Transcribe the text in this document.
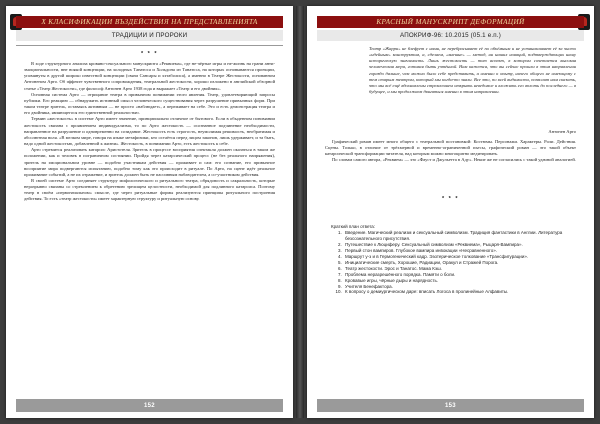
Х КЛАСИФИКАЦИИ ВЪЗДЕЙСТВИЯ НА ПРЕДСТАВЛЕНИЯТА
ТРАДИЦИИ И ПРОРОКИ
* * *

В ходе структурного анализа кровяно-сексуального манускрипта «Реквиема», где не-чёртые игры и не-жизнь на грани анти-эмоциональности, вне всякой концепции, на холодных Танатоса и Хольдона из Танатоса, на которых основываются проекции, упомянуты в другой широко известной концепции (связи Сансары и хэтаболиса), а именно в Театре Жестокости, основанном Антоненом Арто. Об эффекте чувственного сопровождения, театральной жестокости, хорошо изложено в английской обзорной статье «Театр Жестокости», где философ Антонен Арто 1938 года и выражает «Театр и его двойник».

Основная система Арто — отрицание театра в привычном понимании этого явления. Театр, удовлетворяющий запросы публики. Его реакцию — обнаружить истинный смысл человеческого существования через разрушение привычных форм. При таком театре зритель, оставаясь активным — не просто «наблюдает», а переживает на себе. Это и есть демонстрация театра и его двойника, являющегося его единственной реальностью.

Термин «жестокость» в системе Арто имеет значение, принципиально отличное от бытового. Если в обыденном понимании жестокость связана с проявлением индивидуализма, то по Арто жестокость — осознанное подчинение необходимости, направленное на разрушение и одновременно на созидание. Жестокость есть строгость, неумолимая решимость, необратимая и абсолютная воля. «В мелком мире, говоря на языке метафизики, кто остаётся перед лицом законов, лишь удерживает, и та быть, надо одной жестокостью, добавленной к жизни». Жестокость, в понимании Арто, есть жестокость к себе.

Арто стремится реализовать катарсис Аристотеля. Зритель в процессе восприятия спектакля должен оказаться в таком же положении, как и человек в пограничном состоянии. Пройдя через катарсический процесс (не без реального напряжения), зритель на эмоциональном уровне — подобно участникам действия — проживает и сам: его сознание, его привычное восприятие мира подвергаются испытанию, подобно тому как это происходит в ритуале. По Арто, на сцене идёт реальное проживание событий, а не их отражение, и зритель должен быть не пассивным наблюдателем, а со-участником действия.

В своей системе Арто соединяет структуру мифологического и ритуального театра, обрядовость и сакральность, которые неразрывно связаны со стремлением к обретению зрелищем целостности, необходимой для подлинного катарсиса. Поэтому театр в своём «первоначальном» смысле, где через ритуальные формы реализуются принципы ритуального построения действия. То есть «театр жестокости» имеет характерную структуру и ритуальную основу.

152
КРАСНЫЙ МАНУСКРИПТ ДЕФОРМАЦИЙ
АПОКРИФ-96: 10.2015 (05.1 е.п.)
Театр «Жарри» не блефует с нами, не перебрасывает её по объёмным и не устанавливает её за чисто «идейным» конструктом, а, сделаем, «внешне» — метод, ни наших новаций, подтверждающих нашу историческую значимость. Лишь жестокость — тот аспект, в котором сочетается высокая человеческая мера, готовая быть учтённой. Нам кажется, что вы сейчас прошли в этом направлении гораздо дальше, чем можно было себе представить, а именно к опыту, ничего общего не имеющему с тем старым театром, который мы когда-то знали. Все это, по всей видимости, позволит нам сказать, что мы всё ещё вдохновлены стремлением открыть неведомое и вложить его вплоть до последнего — в будущее, и мы продолжаем двигаться именно в этом направлении.
Антонен Арто

Графический роман имеет много общего с театральной постановкой: Костюмы. Персонажи. Характеры. Роли. Действия. Сцены. Только, в отличие от трёхмерной и временно-ограниченной пьесы, графический роман — это такой объект катарсической трансформации читателя, над которым можно многократно медитировать.

По словам самого автора, «Реквием» — это «Фауст и Джульетта в Аду». Некие же не согласились с такой удачной аналогией.

* * *
Краткий план ответа:
1. Введение. Магический реализм и сексуальный символизм. Традиция фантастики в Англии. Литература безсознательного присутствия.
2. Путешествие к Люциферу. Сексуальный символизм «Реквиема», Рыцаря-Вампира».
3. Первый стон вампиров. Глубокое вампира инвокации «Несравненного».
4. Маршрут у-з и в Гермогенический кадр. Эзотерическое толкование «Трансфигурации».
5. Инициатические смерть, Хорошие, Радиации, Оракул и Стражей Порога.
6. Театр жестокости. Эрос и Танатос. Мама Кэш.
7. Проблема неразрешённого порядка. Памяти о боли.
8. Кровавые игры, чёрные дыры и нарядность.
9. Учителя Бенефактора.
10. К вопросу о демиургическом даре: вписать Логоса в пролинейные Алфавиты.
153
